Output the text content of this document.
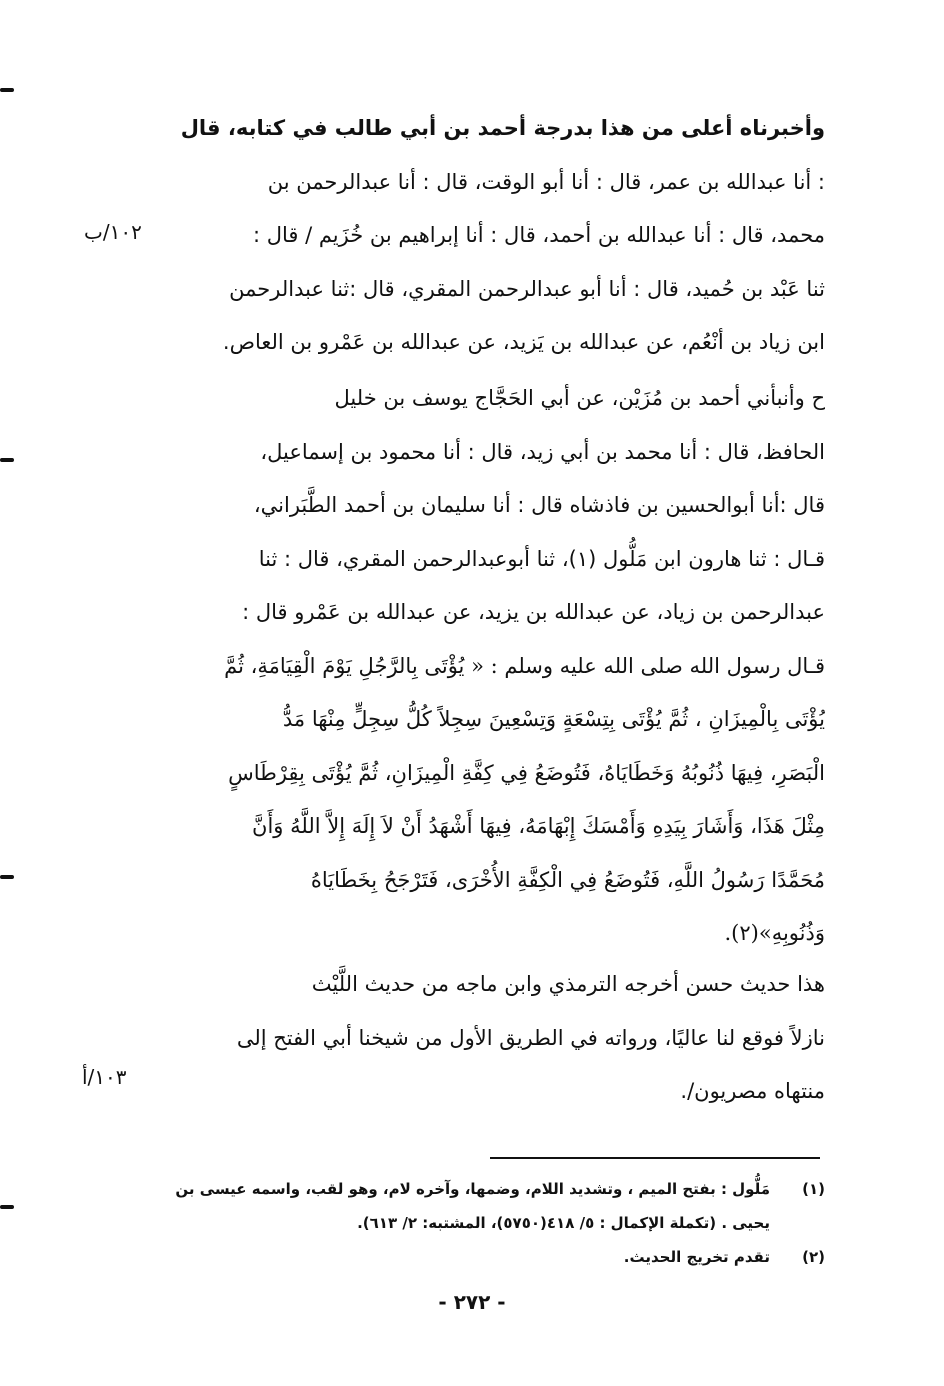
وأخبرناه أعلى من هذا بدرجة أحمد بن أبي طالب في كتابه، قال
: أنا عبدالله بن عمر، قال : أنا أبو الوقت، قال : أنا عبدالرحمن بن
محمد، قال : أنا عبدالله بن أحمد، قال : أنا إبراهيم بن خُزَيم / قال :
ثنا عَبْد بن حُميد، قال : أنا أبو عبدالرحمن المقري، قال :ثنا عبدالرحمن
ابن زياد بن أنْعُم، عن عبدالله بن يَزيد، عن عبدالله بن عَمْرو بن العاص.
١٠٢/ب
ح وأنبأني أحمد بن مُزَيْن، عن أبي الحَجَّاج يوسف بن خليل
الحافظ، قال : أنا محمد بن أبي زيد، قال : أنا محمود بن إسماعيل،
قال :أنا أبوالحسين بن فاذشاه قال : أنا سليمان بن أحمد الطَّبَراني،
قـال : ثنا هارون ابن مَلُّول (١)، ثنا أبوعبدالرحمن المقري، قال : ثنا
عبدالرحمن بن زياد، عن عبدالله بن يزيد، عن عبدالله بن عَمْرو قال :
قـال رسول الله صلى الله عليه وسلم : « يُؤْتَى بِالرَّجُلِ يَوْمَ الْقِيَامَةِ، ثُمَّ
يُؤْتَى بِالْمِيزَانِ ، ثُمَّ يُؤْتَى بِتِسْعَةٍ وَتِسْعِينَ سِجِلاً كُلُّ سِجِلٍّ مِنْهَا مَدُّ
الْبَصَرِ، فِيهَا ذُنُوبُهُ وَخَطَايَاهُ، فَتُوضَعُ فِي كِفَّةِ الْمِيزَانِ، ثُمَّ يُؤْتَى بِقِرْطَاسٍ
مِثْلَ هَذَا، وَأَشَارَ بِيَدِهِ وَأَمْسَكَ إِبْهَامَهُ، فِيهَا أَشْهَدُ أَنْ لاَ إِلَهَ إِلاَّ اللَّهُ وَأَنَّ
مُحَمَّدًا رَسُولُ اللَّهِ، فَتُوضَعُ فِي الْكِفَّةِ الأُخْرَى، فَتَرْجَحُ بِخَطَايَاهُ
وَذُنُوبِهِ»(٢).
هذا حديث حسن أخرجه الترمذي وابن ماجه من حديث اللَّيْث
نازلاً فوقع لنا عاليًا، ورواته في الطريق الأول من شيخنا أبي الفتح إلى
منتهاه مصريون/.
١٠٣/أ
(١)مَلُّول : بفتح الميم ، وتشديد اللام، وضمها، وآخره لام، وهو لقب، واسمه عيسى بن
يحيى . (تكملة الإكمال : ٥/ ٤١٨(٥٧٥٠)، المشتبه: ٢/ ٦١٣).
(٢)تقدم تخريج الحديث.
- ٢٧٢ -
